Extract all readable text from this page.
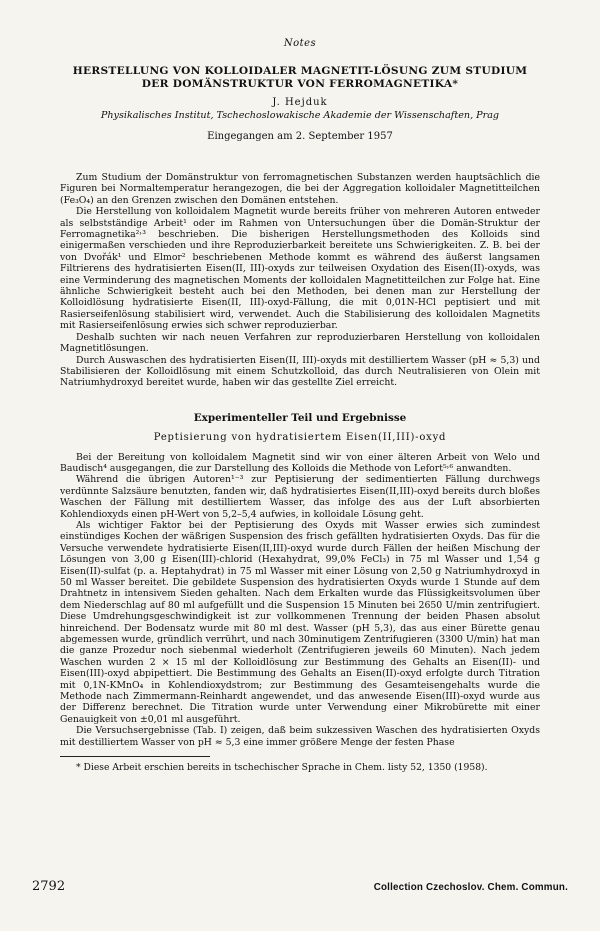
Notes
HERSTELLUNG VON KOLLOIDALER MAGNETIT-LÖSUNG ZUM STUDIUM
DER DOMÄNSTRUKTUR VON FERROMAGNETIKA*
J. Hejduk
Physikalisches Institut, Tschechoslowakische Akademie der Wissenschaften, Prag
Eingegangen am 2. September 1957

Zum Studium der Domänstruktur von ferromagnetischen Substanzen werden hauptsächlich die Figuren bei Normaltemperatur herangezogen, die bei der Aggregation kolloidaler Magnetitteilchen (Fe₃O₄) an den Grenzen zwischen den Domänen entstehen.

Die Herstellung von kolloidalem Magnetit wurde bereits früher von mehreren Autoren entweder als selbstständige Arbeit¹ oder im Rahmen von Untersuchungen über die Domän-Struktur der Ferromagnetika²˒³ beschrieben. Die bisherigen Herstellungsmethoden des Kolloids sind einigermaßen verschieden und ihre Reproduzierbarkeit bereitete uns Schwierigkeiten. Z. B. bei der von Dvořák¹ und Elmor² beschriebenen Methode kommt es während des äußerst langsamen Filtrierens des hydratisierten Eisen(II, III)-oxyds zur teilweisen Oxydation des Eisen(II)-oxyds, was eine Verminderung des magnetischen Moments der kolloidalen Magnetitteilchen zur Folge hat. Eine ähnliche Schwierigkeit besteht auch bei den Methoden, bei denen man zur Herstellung der Kolloidlösung hydratisierte Eisen(II, III)-oxyd-Fällung, die mit 0,01N-HCl peptisiert und mit Rasierseifenlösung stabilisiert wird, verwendet. Auch die Stabilisierung des kolloidalen Magnetits mit Rasierseifenlösung erwies sich schwer reproduzierbar.

Deshalb suchten wir nach neuen Verfahren zur reproduzierbaren Herstellung von kolloidalen Magnetitlösungen.

Durch Auswaschen des hydratisierten Eisen(II, III)-oxyds mit destilliertem Wasser (pH ≈ 5,3) und Stabilisieren der Kolloidlösung mit einem Schutzkolloid, das durch Neutralisieren von Olein mit Natriumhydroxyd bereitet wurde, haben wir das gestellte Ziel erreicht.

Experimenteller Teil und Ergebnisse
Peptisierung von hydratisiertem Eisen(II,III)-oxyd

Bei der Bereitung von kolloidalem Magnetit sind wir von einer älteren Arbeit von Welo und Baudisch⁴ ausgegangen, die zur Darstellung des Kolloids die Methode von Lefort⁵˒⁶ anwandten.

Während die übrigen Autoren¹⁻³ zur Peptisierung der sedimentierten Fällung durchwegs verdünnte Salzsäure benutzten, fanden wir, daß hydratisiertes Eisen(II,III)-oxyd bereits durch bloßes Waschen der Fällung mit destilliertem Wasser, das infolge des aus der Luft absorbierten Kohlendioxyds einen pH-Wert von 5,2–5,4 aufwies, in kolloidale Lösung geht.

Als wichtiger Faktor bei der Peptisierung des Oxyds mit Wasser erwies sich zumindest einstündiges Kochen der wäßrigen Suspension des frisch gefällten hydratisierten Oxyds. Das für die Versuche verwendete hydratisierte Eisen(II,III)-oxyd wurde durch Fällen der heißen Mischung der Lösungen von 3,00 g Eisen(III)-chlorid (Hexahydrat, 99,0% FeCl₃) in 75 ml Wasser und 1,54 g Eisen(II)-sulfat (p. a. Heptahydrat) in 75 ml Wasser mit einer Lösung von 2,50 g Natriumhydroxyd in 50 ml Wasser bereitet. Die gebildete Suspension des hydratisierten Oxyds wurde 1 Stunde auf dem Drahtnetz in intensivem Sieden gehalten. Nach dem Erkalten wurde das Flüssigkeitsvolumen über dem Niederschlag auf 80 ml aufgefüllt und die Suspension 15 Minuten bei 2650 U/min zentrifugiert. Diese Umdrehungsgeschwindigkeit ist zur vollkommenen Trennung der beiden Phasen absolut hinreichend. Der Bodensatz wurde mit 80 ml dest. Wasser (pH 5,3), das aus einer Bürette genau abgemessen wurde, gründlich verrührt, und nach 30minutigem Zentrifugieren (3300 U/min) hat man die ganze Prozedur noch siebenmal wiederholt (Zentrifugieren jeweils 60 Minuten). Nach jedem Waschen wurden 2 × 15 ml der Kolloidlösung zur Bestimmung des Gehalts an Eisen(II)- und Eisen(III)-oxyd abpipettiert. Die Bestimmung des Gehalts an Eisen(II)-oxyd erfolgte durch Titration mit 0,1N-KMnO₄ in Kohlendioxydstrom; zur Bestimmung des Gesamteisengehalts wurde die Methode nach Zimmermann-Reinhardt angewendet, und das anwesende Eisen(III)-oxyd wurde aus der Differenz berechnet. Die Titration wurde unter Verwendung einer Mikrobürette mit einer Genauigkeit von ±0,01 ml ausgeführt.

Die Versuchsergebnisse (Tab. I) zeigen, daß beim sukzessiven Waschen des hydratisierten Oxyds mit destilliertem Wasser von pH ≈ 5,3 eine immer größere Menge der festen Phase

* Diese Arbeit erschien bereits in tschechischer Sprache in Chem. listy 52, 1350 (1958).

2792	Collection Czechoslov. Chem. Commun.
